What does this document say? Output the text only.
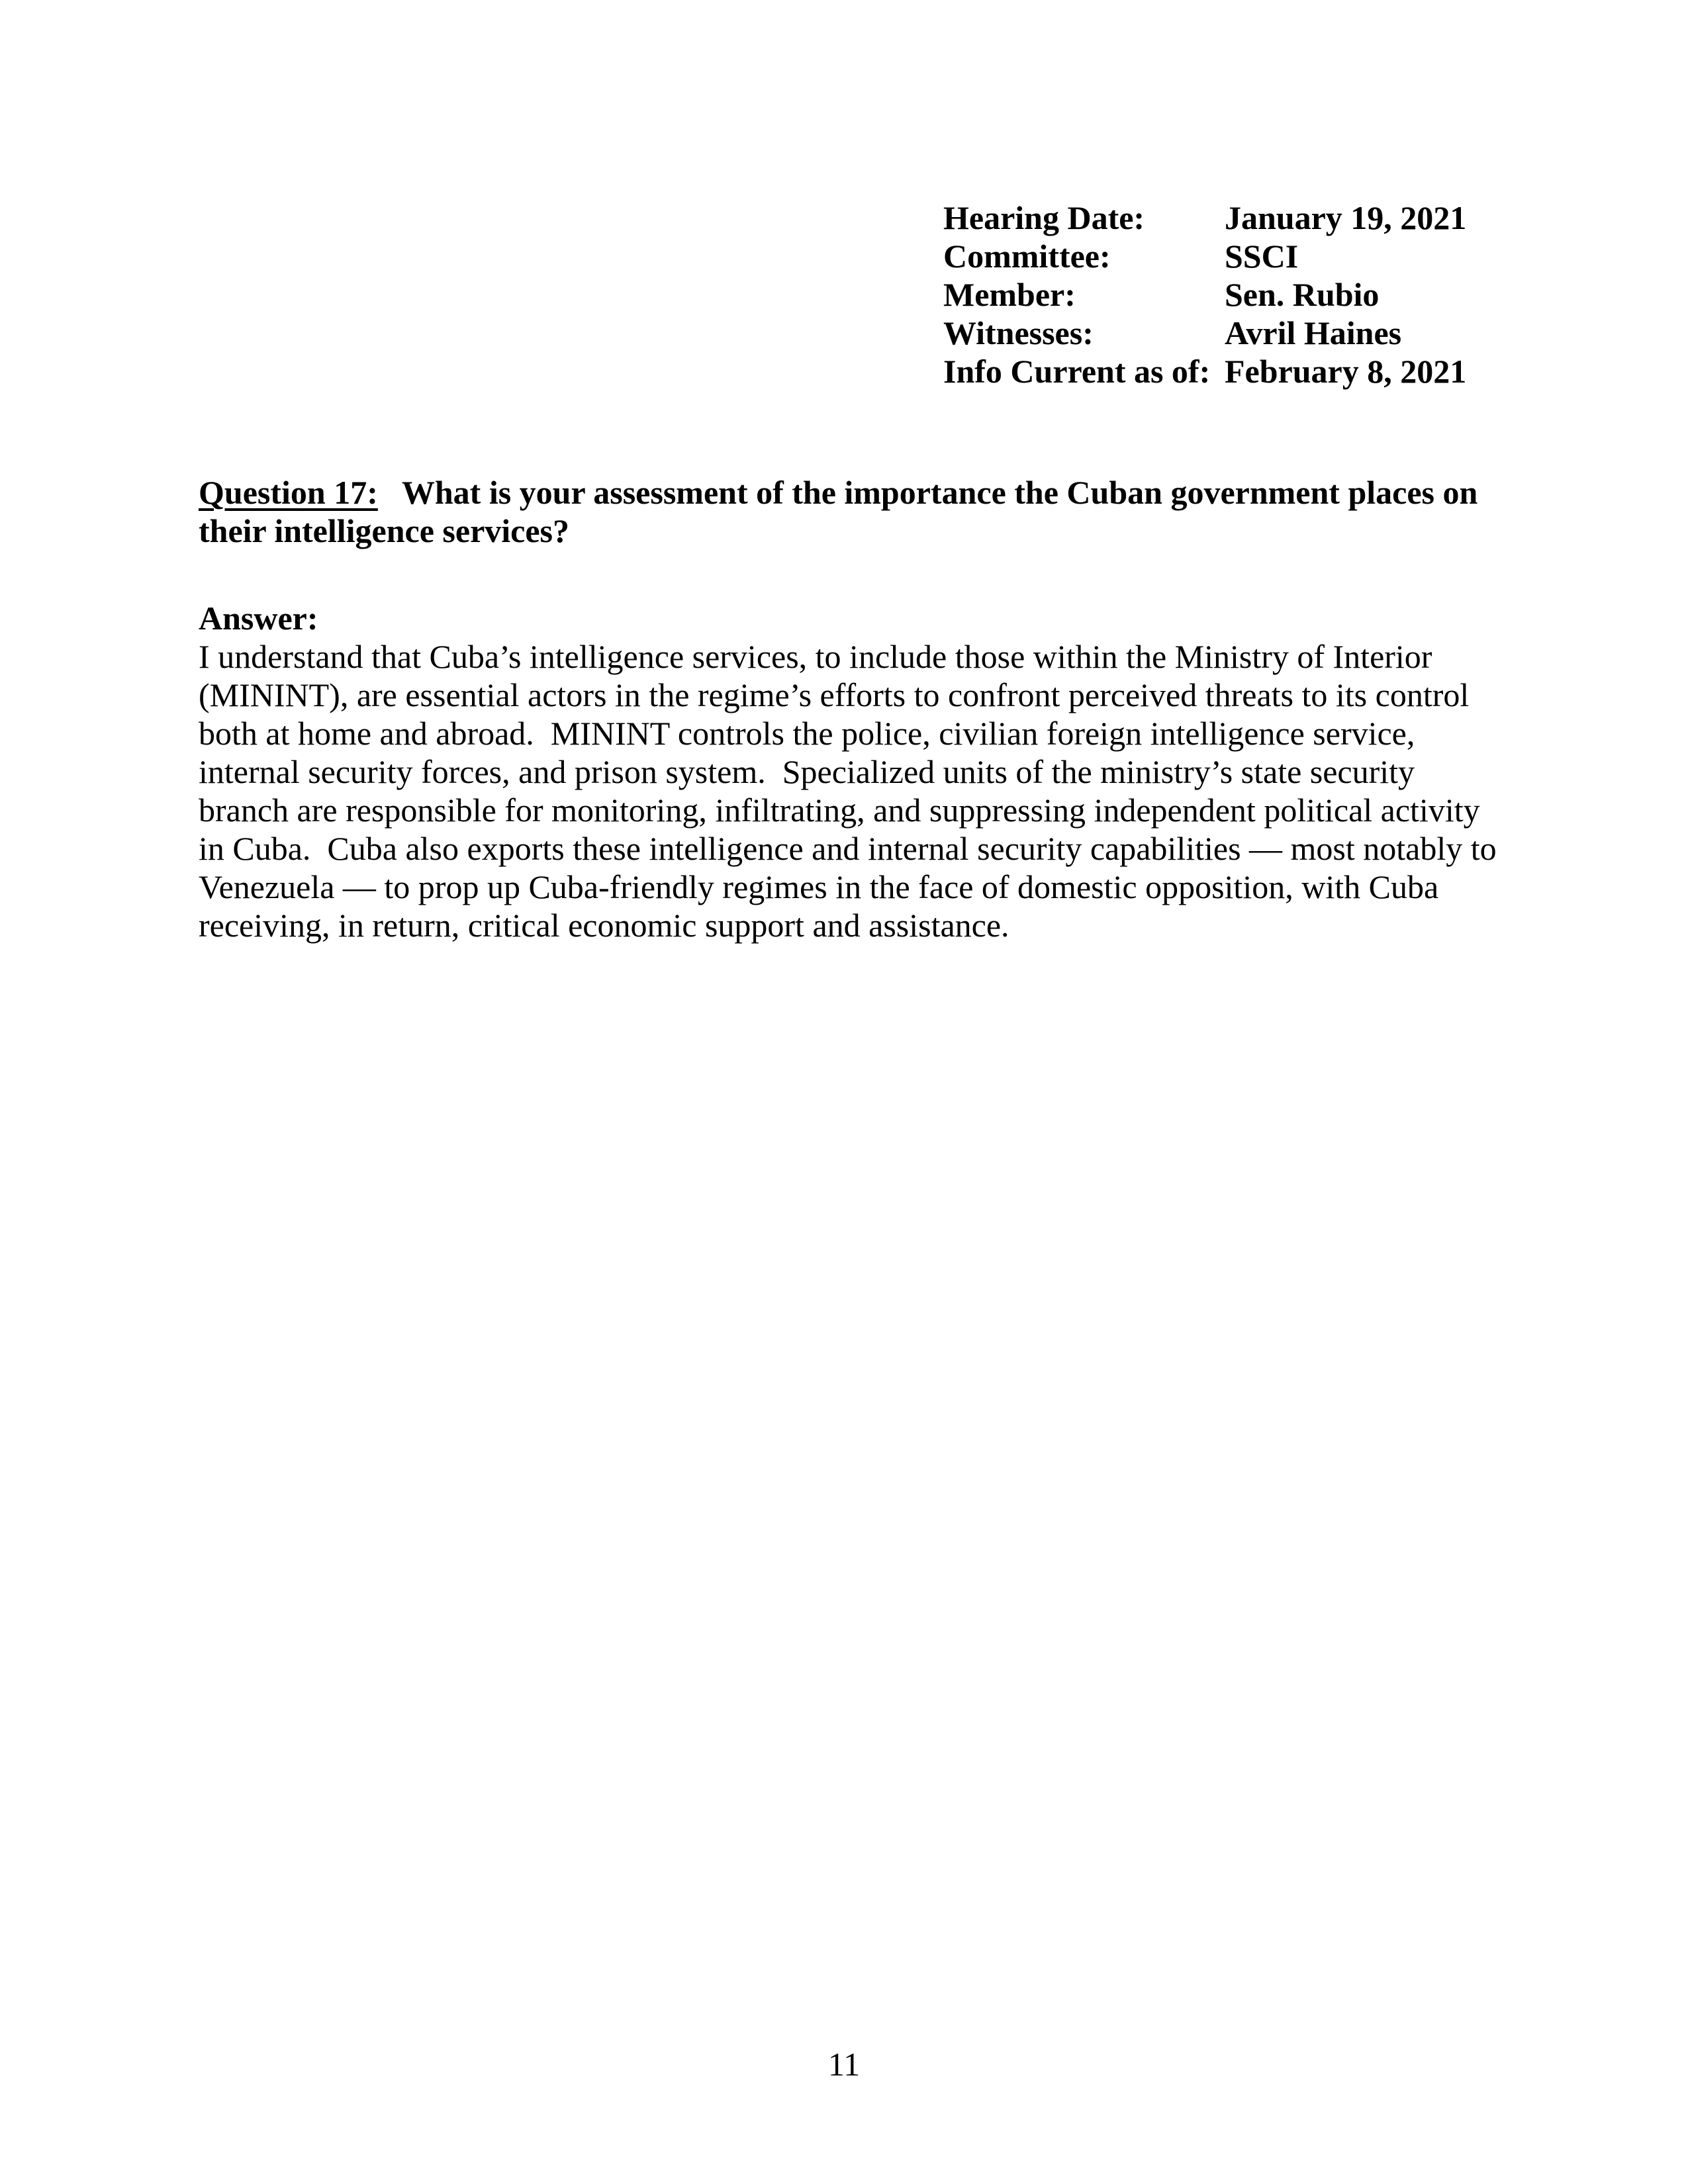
Hearing Date:	January 19, 2021
Committee:	SSCI
Member:	Sen. Rubio
Witnesses:	Avril Haines
Info Current as of: February 8, 2021

Question 17: What is your assessment of the importance the Cuban government places on their intelligence services?

Answer:

I understand that Cuba’s intelligence services, to include those within the Ministry of Interior (MININT), are essential actors in the regime’s efforts to confront perceived threats to its control both at home and abroad.  MININT controls the police, civilian foreign intelligence service, internal security forces, and prison system.  Specialized units of the ministry’s state security branch are responsible for monitoring, infiltrating, and suppressing independent political activity in Cuba.  Cuba also exports these intelligence and internal security capabilities — most notably to Venezuela — to prop up Cuba-friendly regimes in the face of domestic opposition, with Cuba receiving, in return, critical economic support and assistance.

11
